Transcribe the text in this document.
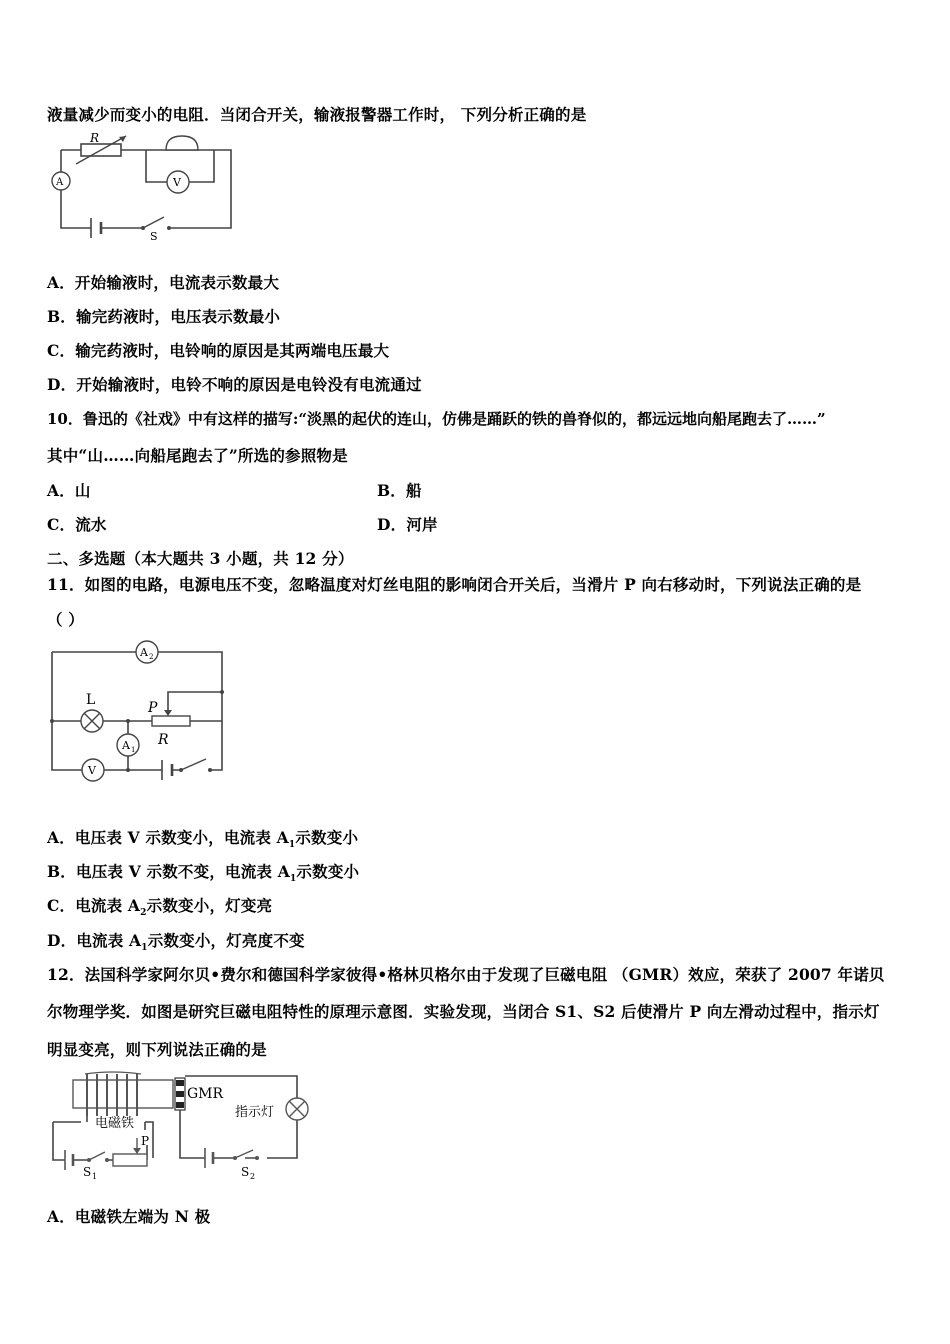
液量减少而变小的电阻．当闭合开关，输液报警器工作时， 下列分析正确的是
R
V
A
S
A．开始输液时，电流表示数最大
B．输完药液时，电压表示数最小
C．输完药液时，电铃响的原因是其两端电压最大
D．开始输液时，电铃不响的原因是电铃没有电流通过
10．鲁迅的《社戏》中有这样的描写:“淡黑的起伏的连山，仿佛是踊跃的铁的兽脊似的，都远远地向船尾跑去了……”
其中“山……向船尾跑去了”所选的参照物是
A．山	B．船
C．流水	D．河岸
二、多选题（本大题共 3 小题，共 12 分）
11．如图的电路，电源电压不变，忽略温度对灯丝电阻的影响闭合开关后，当滑片 P 向右移动时，下列说法正确的是
（ ）
A 2
L	P
R
A 1
V
A．电压表 V 示数变小，电流表 $A_1$示数变小
B．电压表 V 示数不变，电流表 $A_1$示数变小
C．电流表 $A_2$示数变小，灯变亮
D．电流表 $A_1$示数变小，灯亮度不变
12．法国科学家阿尔贝•费尔和德国科学家彼得•格林贝格尔由于发现了巨磁电阻 （GMR）效应，荣获了 2007 年诺贝
尔物理学奖．如图是研究巨磁电阻特性的原理示意图．实验发现，当闭合 S1、S2 后使滑片 P 向左滑动过程中，指示灯
明显变亮，则下列说法正确的是
电磁铁
P
S 1
GMR
指示灯
S 2
A．电磁铁左端为 N 极
